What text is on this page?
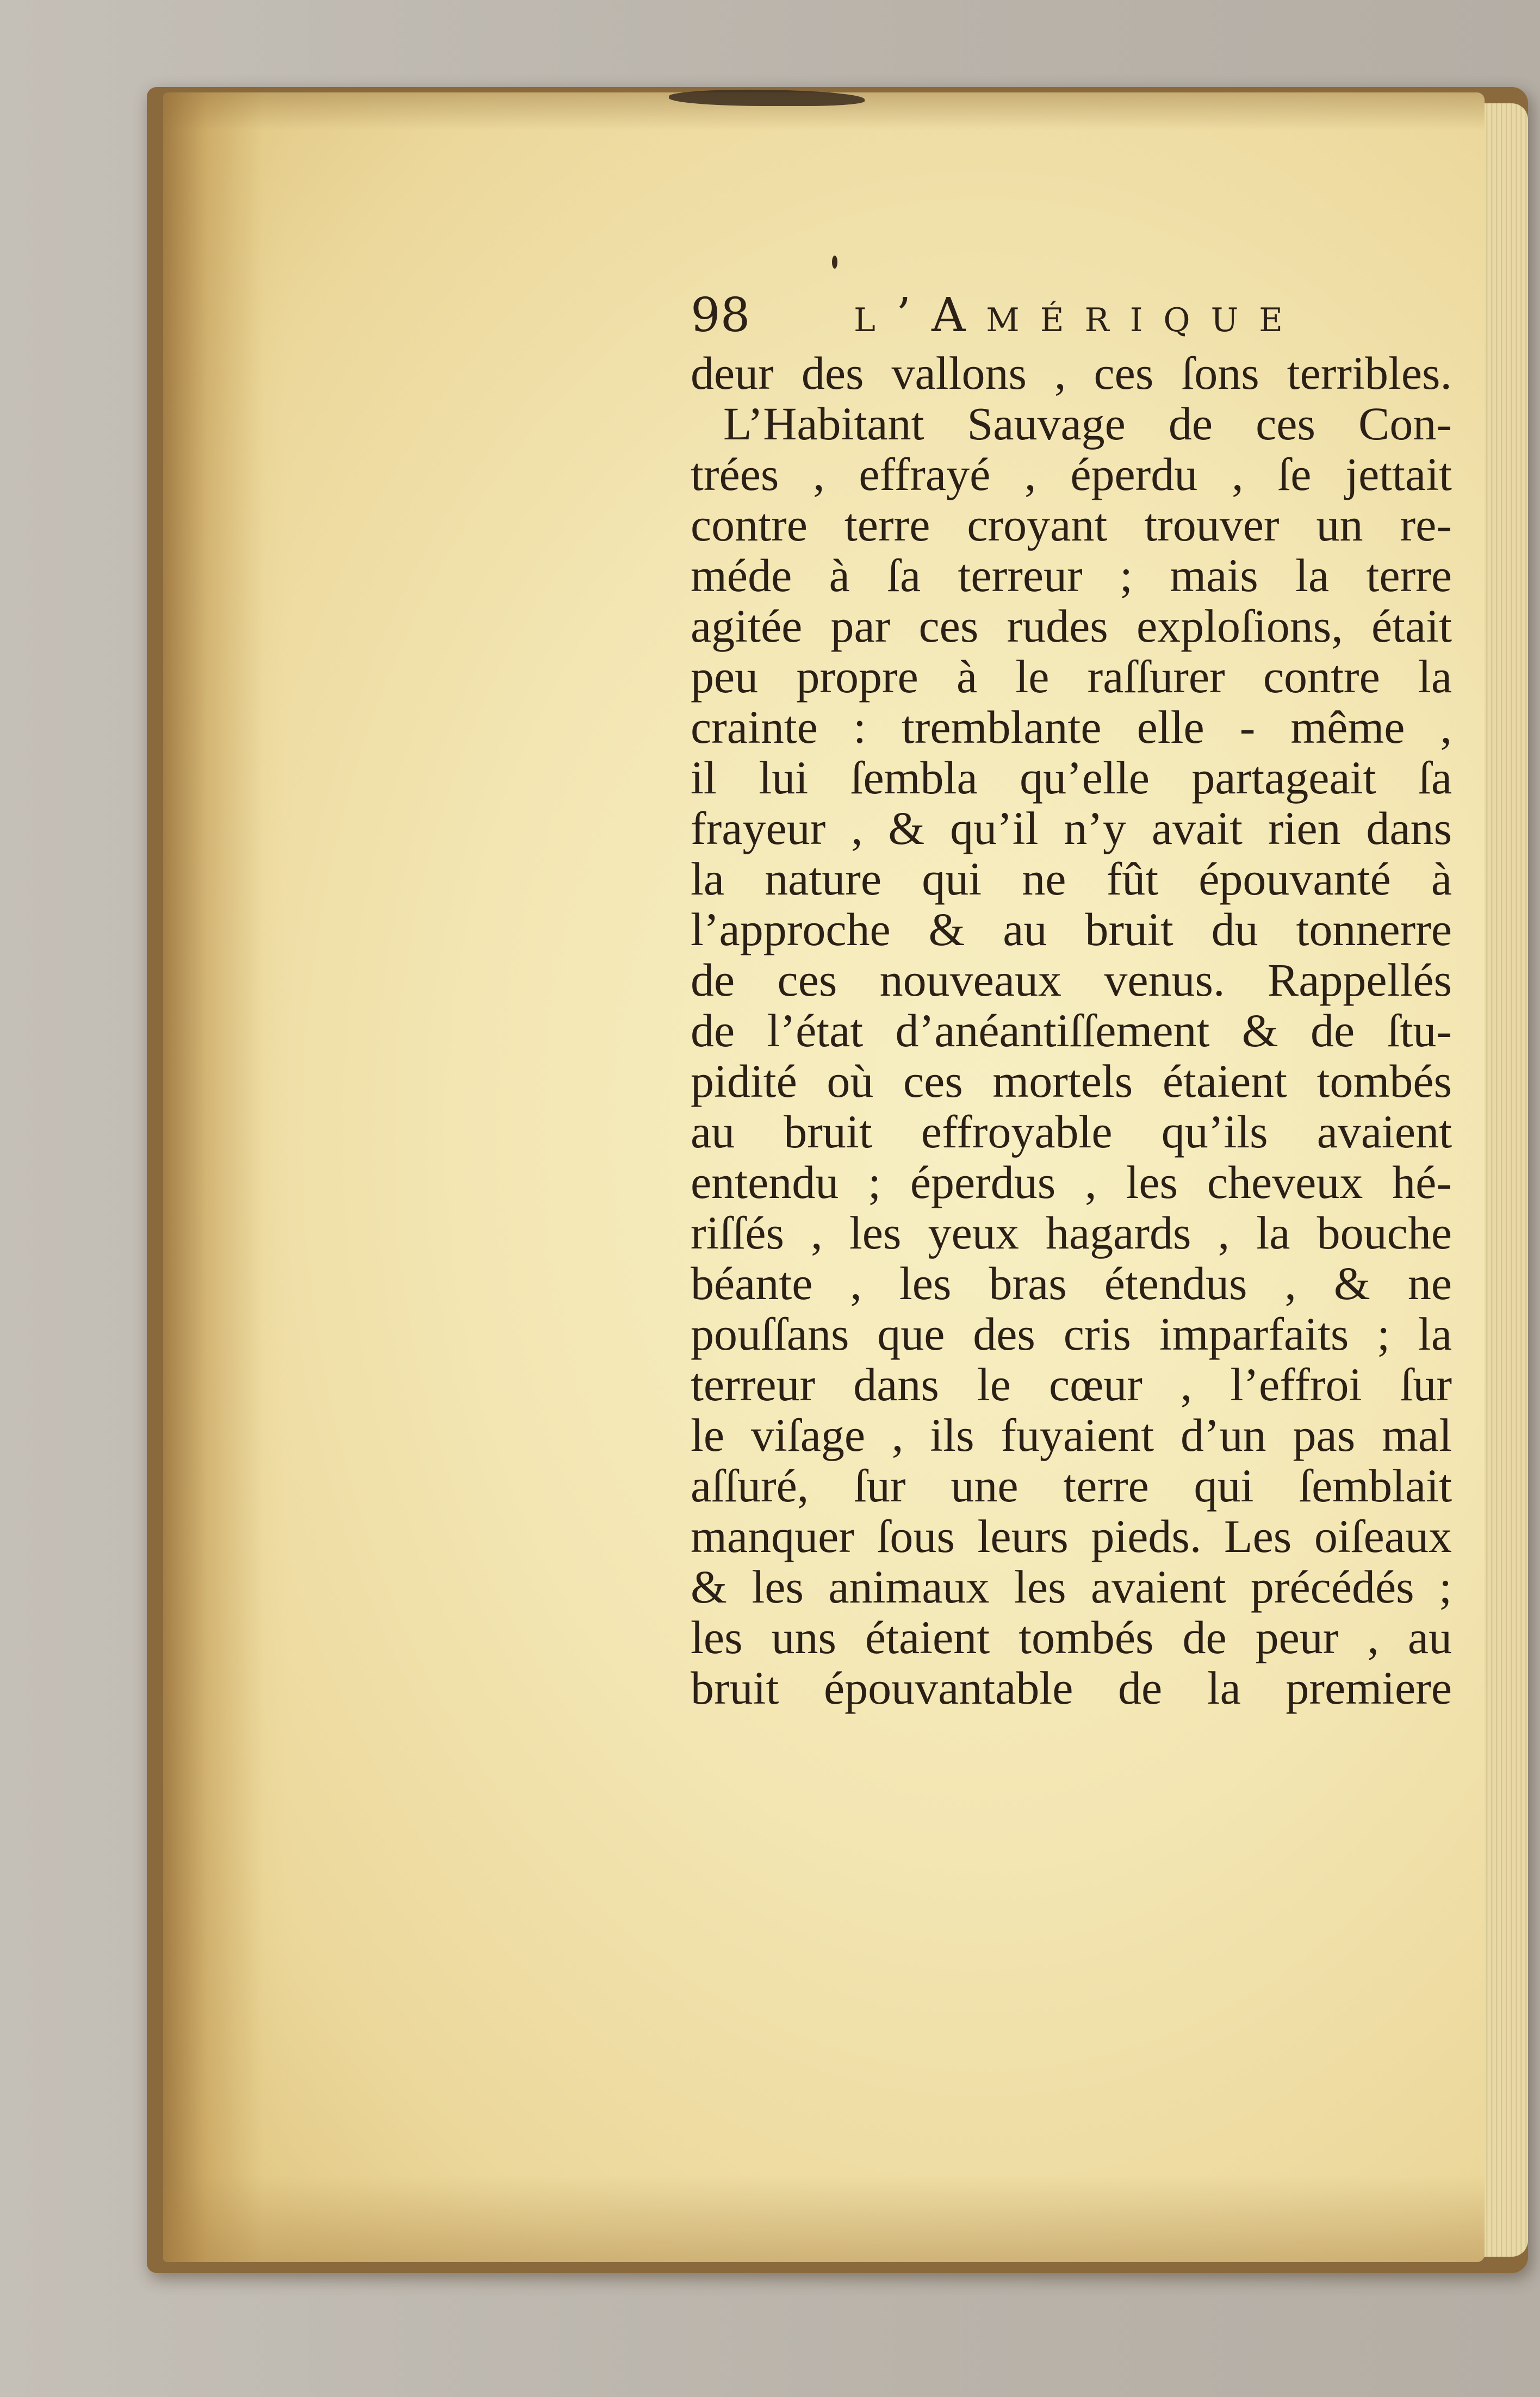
98 l’Amérique
deur des vallons , ces ſons terribles.
L’Habitant Sauvage de ces Con-
trées , effrayé , éperdu , ſe jettait
contre terre croyant trouver un re-
méde à ſa terreur ; mais la terre
agitée par ces rudes exploſions, était
peu propre à le raſſurer contre la
crainte : tremblante elle - même ,
il lui ſembla qu’elle partageait ſa
frayeur , & qu’il n’y avait rien dans
la nature qui ne fût épouvanté à
l’approche & au bruit du tonnerre
de ces nouveaux venus. Rappellés
de l’état d’anéantiſſement & de ſtu-
pidité où ces mortels étaient tombés
au bruit effroyable qu’ils avaient
entendu ; éperdus , les cheveux hé-
riſſés , les yeux hagards , la bouche
béante , les bras étendus , & ne
pouſſans que des cris imparfaits ; la
terreur dans le cœur , l’effroi ſur
le viſage , ils fuyaient d’un pas mal
aſſuré, ſur une terre qui ſemblait
manquer ſous leurs pieds. Les oiſeaux
& les animaux les avaient précédés ;
les uns étaient tombés de peur , au
bruit épouvantable de la premiere
